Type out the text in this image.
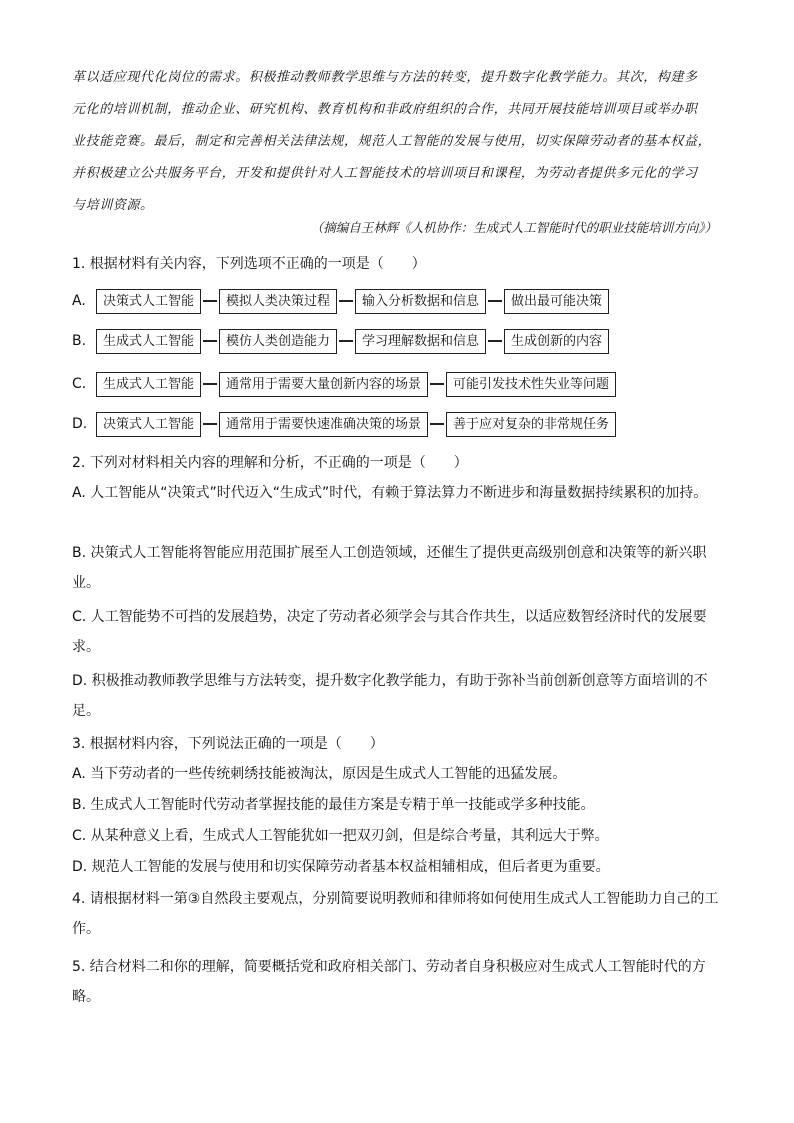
革以适应现代化岗位的需求。积极推动教师教学思维与方法的转变，提升数字化教学能力。其次，构建多

元化的培训机制，推动企业、研究机构、教育机构和非政府组织的合作，共同开展技能培训项目或举办职

业技能竞赛。最后，制定和完善相关法律法规，规范人工智能的发展与使用，切实保障劳动者的基本权益，

并积极建立公共服务平台，开发和提供针对人工智能技术的培训项目和课程，为劳动者提供多元化的学习

与培训资源。

（摘编自王林辉《人机协作：生成式人工智能时代的职业技能培训方向》）
1. 根据材料有关内容，下列选项不正确的一项是（　　）
A.	决策式人工智能	模拟人类决策过程	输入分析数据和信息	做出最可能决策
B.	生成式人工智能	模仿人类创造能力	学习理解数据和信息	生成创新的内容
C.	生成式人工智能	通常用于需要大量创新内容的场景	可能引发技术性失业等问题
D.	决策式人工智能	通常用于需要快速准确决策的场景	善于应对复杂的非常规任务
2. 下列对材料相关内容的理解和分析，不正确的一项是（　　）
A. 人工智能从“决策式”时代迈入“生成式”时代，有赖于算法算力不断进步和海量数据持续累积的加持。
B. 决策式人工智能将智能应用范围扩展至人工创造领域，还催生了提供更高级别创意和决策等的新兴职业。
C. 人工智能势不可挡的发展趋势，决定了劳动者必须学会与其合作共生，以适应数智经济时代的发展要求。
D. 积极推动教师教学思维与方法转变，提升数字化教学能力，有助于弥补当前创新创意等方面培训的不足。
3. 根据材料内容，下列说法正确的一项是（　　）
A. 当下劳动者的一些传统刺绣技能被淘汰，原因是生成式人工智能的迅猛发展。
B. 生成式人工智能时代劳动者掌握技能的最佳方案是专精于单一技能或学多种技能。
C. 从某种意义上看，生成式人工智能犹如一把双刃剑，但是综合考量，其利远大于弊。
D. 规范人工智能的发展与使用和切实保障劳动者基本权益相辅相成，但后者更为重要。
4. 请根据材料一第③自然段主要观点，分别简要说明教师和律师将如何使用生成式人工智能助力自己的工作。
5. 结合材料二和你的理解，简要概括党和政府相关部门、劳动者自身积极应对生成式人工智能时代的方略。
